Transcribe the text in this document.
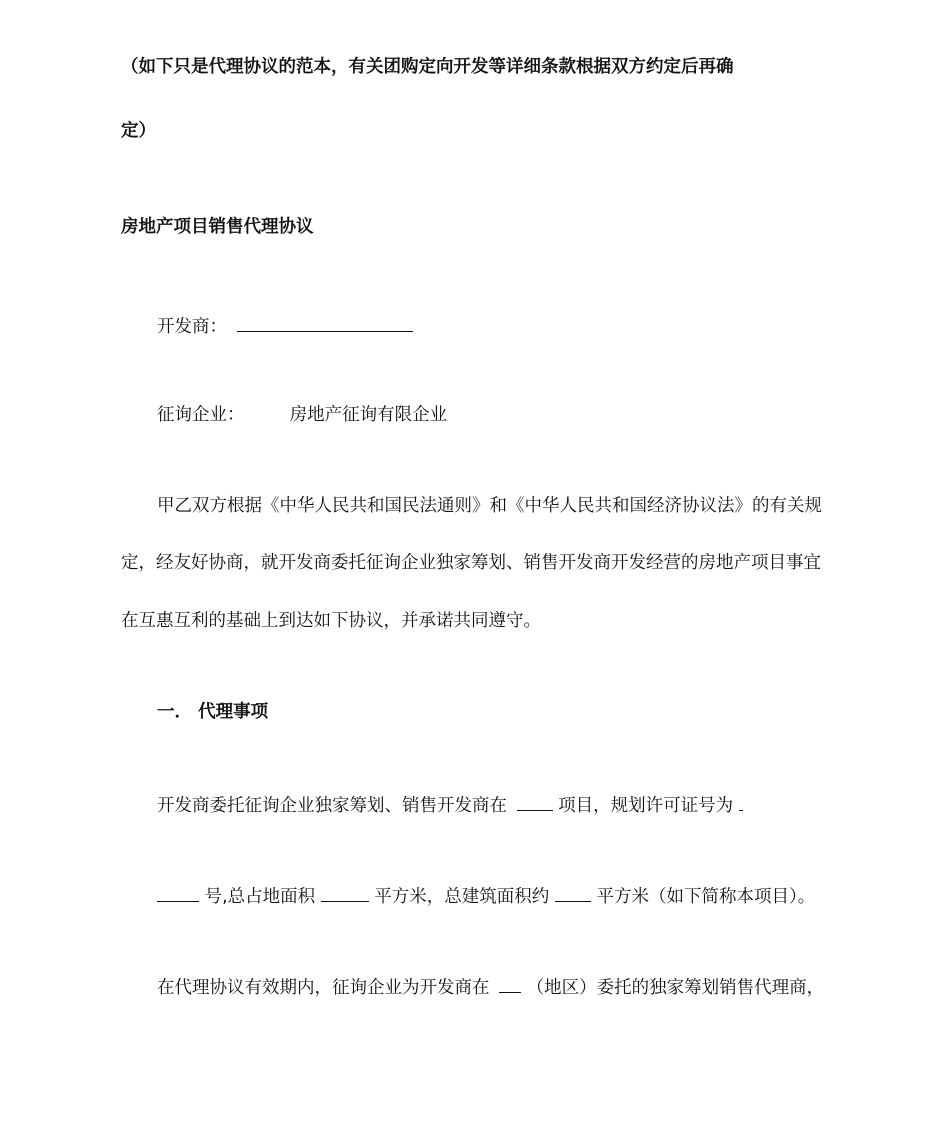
（如下只是代理协议的范本，有关团购定向开发等详细条款根据双方约定后再确
定）
房地产项目销售代理协议
开发商：
征询企业：	房地产征询有限企业
甲乙双方根据《中华人民共和国民法通则》和《中华人民共和国经济协议法》的有关规
定，经友好协商，就开发商委托征询企业独家筹划、销售开发商开发经营的房地产项目事宜
在互惠互利的基础上到达如下协议，并承诺共同遵守。
一． 代理事项
开发商委托征询企业独家筹划、销售开发商在	项目，规划许可证号为
号,总占地面积	平方米，总建筑面积约	平方米（如下简称本项目）。
在代理协议有效期内，征询企业为开发商在 （地区）委托的独家筹划销售代理商，
